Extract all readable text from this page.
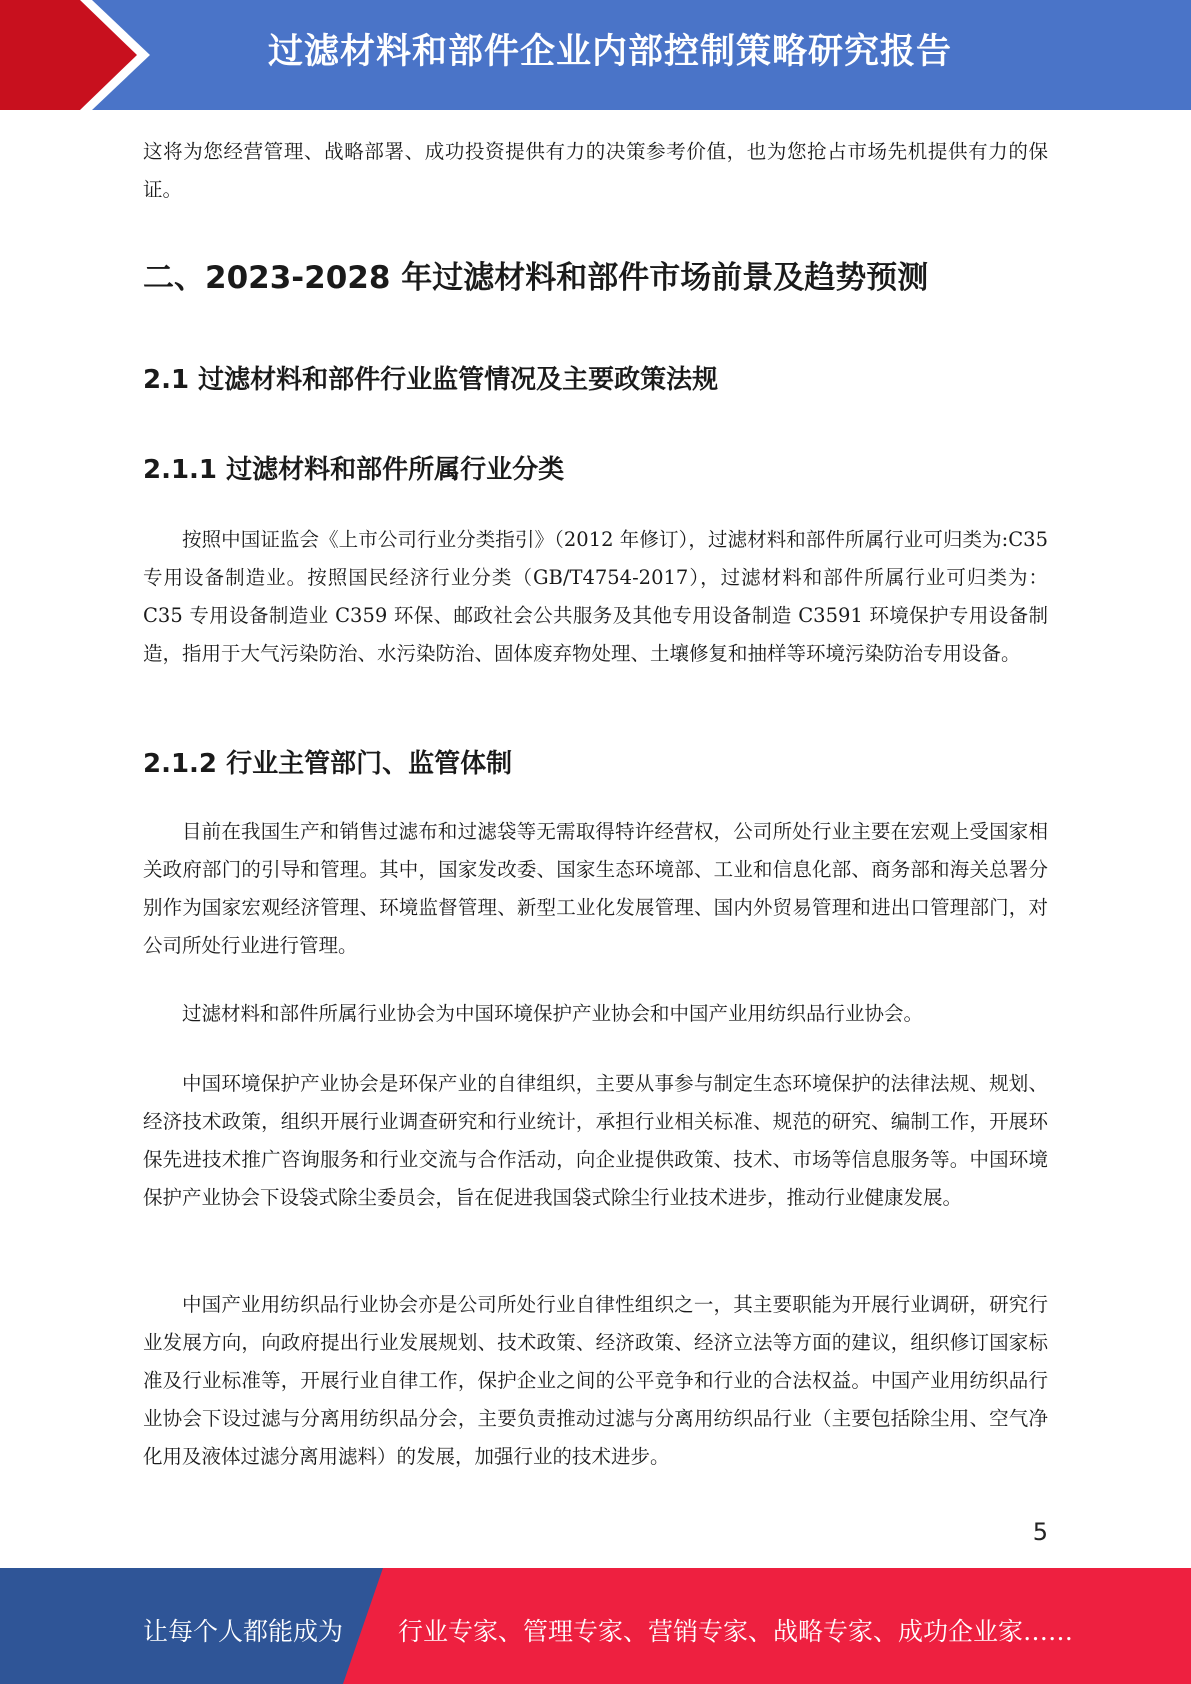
过滤材料和部件企业内部控制策略研究报告

这将为您经营管理、战略部署、成功投资提供有力的决策参考价值，也为您抢占市场先机提供有力的保证。

二、2023-2028 年过滤材料和部件市场前景及趋势预测
2.1 过滤材料和部件行业监管情况及主要政策法规
2.1.1 过滤材料和部件所属行业分类

按照中国证监会《上市公司行业分类指引》（2012 年修订），过滤材料和部件所属行业可归类为:C35 专用设备制造业。按照国民经济行业分类（GB/T4754-2017），过滤材料和部件所属行业可归类为：C35 专用设备制造业 C359 环保、邮政社会公共服务及其他专用设备制造 C3591 环境保护专用设备制造，指用于大气污染防治、水污染防治、固体废弃物处理、土壤修复和抽样等环境污染防治专用设备。

2.1.2 行业主管部门、监管体制

目前在我国生产和销售过滤布和过滤袋等无需取得特许经营权，公司所处行业主要在宏观上受国家相关政府部门的引导和管理。其中，国家发改委、国家生态环境部、工业和信息化部、商务部和海关总署分别作为国家宏观经济管理、环境监督管理、新型工业化发展管理、国内外贸易管理和进出口管理部门，对公司所处行业进行管理。

过滤材料和部件所属行业协会为中国环境保护产业协会和中国产业用纺织品行业协会。

中国环境保护产业协会是环保产业的自律组织，主要从事参与制定生态环境保护的法律法规、规划、经济技术政策，组织开展行业调查研究和行业统计，承担行业相关标准、规范的研究、编制工作，开展环保先进技术推广咨询服务和行业交流与合作活动，向企业提供政策、技术、市场等信息服务等。中国环境保护产业协会下设袋式除尘委员会，旨在促进我国袋式除尘行业技术进步，推动行业健康发展。

中国产业用纺织品行业协会亦是公司所处行业自律性组织之一，其主要职能为开展行业调研，研究行业发展方向，向政府提出行业发展规划、技术政策、经济政策、经济立法等方面的建议，组织修订国家标准及行业标准等，开展行业自律工作，保护企业之间的公平竞争和行业的合法权益。中国产业用纺织品行业协会下设过滤与分离用纺织品分会，主要负责推动过滤与分离用纺织品行业（主要包括除尘用、空气净化用及液体过滤分离用滤料）的发展，加强行业的技术进步。

5
让每个人都能成为 行业专家、管理专家、营销专家、战略专家、成功企业家……
